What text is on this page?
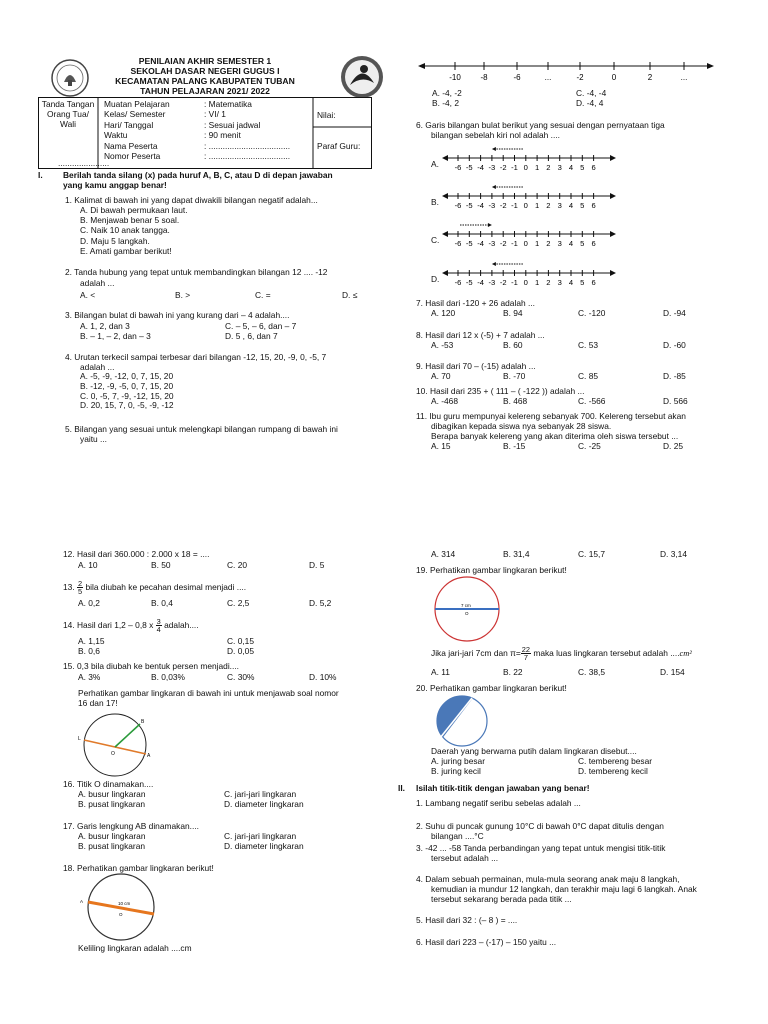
PENILAIAN AKHIR SEMESTER 1
SEKOLAH DASAR NEGERI GUGUS I
KECAMATAN PALANG KABUPATEN TUBAN
TAHUN PELAJARAN 2021/ 2022
Tanda Tangan
Orang Tua/ Wali
......................
Muatan Pelajaran	: Matematika
Kelas/ Semester	: VI/ 1
Hari/ Tanggal	: Sesuai jadwal
Waktu	: 90 menit
Nama Peserta	: ...................................
Nomor Peserta	: ...................................
Nilai:
Paraf Guru:
I. Berilah tanda silang (x) pada huruf A, B, C, atau D di depan jawaban
yang kamu anggap benar!
1. Kalimat di bawah ini yang dapat diwakili bilangan negatif adalah...
A. Di bawah permukaan laut.
B. Menjawab benar 5 soal.
C. Naik 10 anak tangga.
D. Maju 5 langkah.
E. Amati gambar berikut!
2. Tanda hubung yang tepat untuk membandingkan bilangan 12 .... -12
adalah ...
A. <	B. >	C. =	D. ≤
3. Bilangan bulat di bawah ini yang kurang dari – 4 adalah....
A. 1, 2, dan 3	C. – 5, – 6, dan – 7
B. – 1, – 2, dan – 3	D. 5 , 6, dan 7
4. Urutan terkecil sampai terbesar dari bilangan -12, 15, 20, -9, 0, -5, 7
adalah ...
A. -5, -9, -12, 0, 7, 15, 20
B. -12, -9, -5, 0, 7, 15, 20
C. 0, -5, 7, -9, -12, 15, 20
D. 20, 15, 7, 0, -5, -9, -12
5. Bilangan yang sesuai untuk melengkapi bilangan rumpang di bawah ini
yaitu ...
-10 -8	-6	...	-2	0	2	...
A. -4, -2	C. -4, -4
B. -4, 2	D. -4, 4
6. Garis bilangan bulat berikut yang sesuai dengan pernyataan tiga
bilangan sebelah kiri nol adalah ....
A. -6 -5 -4 -3 -2 -1 0 1 2 3 4 5 6
B. -6 -5 -4 -3 -2 -1 0 1 2 3 4 5 6
C. -6 -5 -4 -3 -2 -1 0 1 2 3 4 5 6
D. -6 -5 -4 -3 -2 -1 0 1 2 3 4 5 6
7. Hasil dari -120 + 26 adalah ...
A. 120	B. 94	C. -120	D. -94
8. Hasil dari 12 x (-5) + 7 adalah ...
A. -53	B. 60	C. 53	D. -60
9. Hasil dari 70 – (-15) adalah ...
A. 70	B. -70	C. 85	D. -85
10. Hasil dari 235 + ( 111 – ( -122 )) adalah ...
A. -468	B. 468	C. -566	D. 566
11. Ibu guru mempunyai kelereng sebanyak 700. Kelereng tersebut akan
dibagikan kepada siswa nya sebanyak 28 siswa.
Berapa banyak kelereng yang akan diterima oleh siswa tersebut ...
A. 15	B. -15	C. -25	D. 25
12. Hasil dari 360.000 : 2.000 x 18 = ....
A. 10	B. 50	C. 20	D. 5
13. $\frac{2}{5}$ bila diubah ke pecahan desimal menjadi ....
A. 0,2	B. 0,4	C. 2,5	D. 5,2
14. Hasil dari 1,2 – 0,8 x $\frac{3}{4}$ adalah....
A. 1,15	C. 0,15
B. 0,6	D. 0,05
15. 0,3 bila diubah ke bentuk persen menjadi....
A. 3%	B. 0,03%	C. 30%	D. 10%
Perhatikan gambar lingkaran di bawah ini untuk menjawab soal nomor
16 dan 17!
L
B
A
O
16. Titik O dinamakan....
A. busur lingkaran	C. jari-jari lingkaran
B. pusat lingkaran	D. diameter lingkaran
17. Garis lengkung AB dinamakan....
A. busur lingkaran	C. jari-jari lingkaran
B. pusat lingkaran	D. diameter lingkaran
18. Perhatikan gambar lingkaran berikut!
10 cm
O
A
Keliling lingkaran adalah ....cm
A. 314	B. 31,4	C. 15,7	D. 3,14
19. Perhatikan gambar lingkaran berikut!
7 cm
O
Jika jari-jari 7cm dan $\pi= \frac{22}{7}$ maka luas lingkaran tersebut adalah ....cm²
A. 11	B. 22	C. 38,5	D. 154
20. Perhatikan gambar lingkaran berikut!
Daerah yang berwarna putih dalam lingkaran disebut....
A. juring besar	C. tembereng besar
B. juring kecil	D. tembereng kecil
II. Isilah titik-titik dengan jawaban yang benar!
1. Lambang negatif seribu sebelas adalah ...
2. Suhu di puncak gunung 10°C di bawah 0°C dapat ditulis dengan
bilangan ....°C
3. -42 ... -58 Tanda perbandingan yang tepat untuk mengisi titik-titik
tersebut adalah ...
4. Dalam sebuah permainan, mula-mula seorang anak maju 8 langkah,
kemudian ia mundur 12 langkah, dan terakhir maju lagi 6 langkah. Anak
tersebut sekarang berada pada titik ...
5. Hasil dari 32 : (– 8 ) = ....
6. Hasil dari 223 – (-17) – 150 yaitu ...
